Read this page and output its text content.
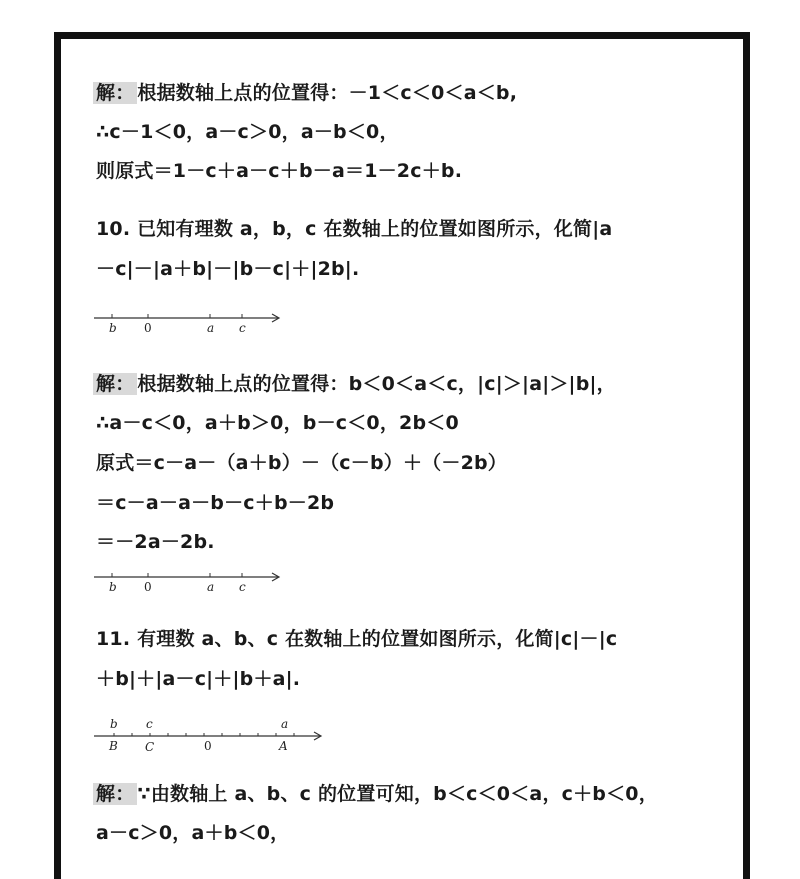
解： 根据数轴上点的位置得：－1＜c＜0＜a＜b,
∴c－1＜0，a－c＞0，a－b＜0，
则原式＝1－c＋a－c＋b－a＝1－2c＋b.
10. 已知有理数 a，b，c 在数轴上的位置如图所示，化简|a
－c|－|a＋b|－|b－c|＋|2b|.
b 0	a c
解： 根据数轴上点的位置得：b＜0＜a＜c，|c|＞|a|＞|b|，
∴a－c＜0，a＋b＞0，b－c＜0，2b＜0
原式＝c－a－（a＋b）－（c－b）＋（－2b）
＝c－a－a－b－c＋b－2b
＝－2a－2b.
b 0	a c
11. 有理数 a、b、c 在数轴上的位置如图所示，化简|c|－|c
＋b|＋|a－c|＋|b＋a|.
b c	a
B C	0	A
解： ∵由数轴上 a、b、c 的位置可知，b＜c＜0＜a，c＋b＜0，
a－c＞0，a＋b＜0，
